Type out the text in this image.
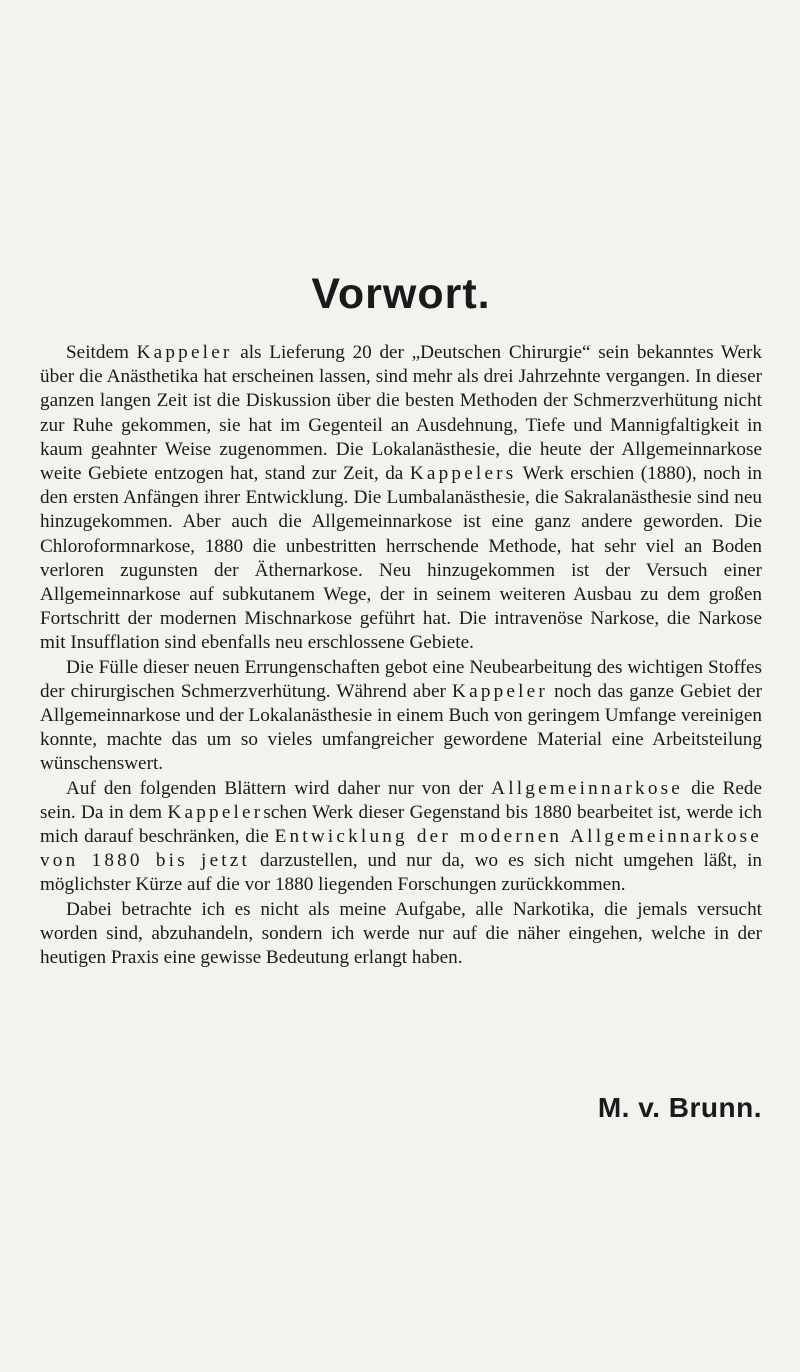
Vorwort.

Seitdem Kappeler als Lieferung 20 der „Deutschen Chirurgie“ sein bekanntes Werk über die Anästhetika hat erscheinen lassen, sind mehr als drei Jahrzehnte vergangen. In dieser ganzen langen Zeit ist die Diskussion über die besten Methoden der Schmerzverhütung nicht zur Ruhe gekommen, sie hat im Gegenteil an Ausdehnung, Tiefe und Mannigfaltigkeit in kaum geahnter Weise zugenommen. Die Lokalanästhesie, die heute der Allgemeinnarkose weite Gebiete entzogen hat, stand zur Zeit, da Kappelers Werk erschien (1880), noch in den ersten Anfängen ihrer Entwicklung. Die Lumbalanästhesie, die Sakralanästhesie sind neu hinzugekommen. Aber auch die Allgemeinnarkose ist eine ganz andere geworden. Die Chloroformnarkose, 1880 die unbestritten herrschende Methode, hat sehr viel an Boden verloren zugunsten der Äthernarkose. Neu hinzugekommen ist der Versuch einer Allgemeinnarkose auf subkutanem Wege, der in seinem weiteren Ausbau zu dem großen Fortschritt der modernen Mischnarkose geführt hat. Die intravenöse Narkose, die Narkose mit Insufflation sind ebenfalls neu erschlossene Gebiete.

Die Fülle dieser neuen Errungenschaften gebot eine Neubearbeitung des wichtigen Stoffes der chirurgischen Schmerzverhütung. Während aber Kappeler noch das ganze Gebiet der Allgemeinnarkose und der Lokalanästhesie in einem Buch von geringem Umfange vereinigen konnte, machte das um so vieles umfangreicher gewordene Material eine Arbeitsteilung wünschenswert.

Auf den folgenden Blättern wird daher nur von der Allgemeinnarkose die Rede sein. Da in dem Kappelerschen Werk dieser Gegenstand bis 1880 bearbeitet ist, werde ich mich darauf beschränken, die Entwicklung der modernen Allgemeinnarkose von 1880 bis jetzt darzustellen, und nur da, wo es sich nicht umgehen läßt, in möglichster Kürze auf die vor 1880 liegenden Forschungen zurückkommen.

Dabei betrachte ich es nicht als meine Aufgabe, alle Narkotika, die jemals versucht worden sind, abzuhandeln, sondern ich werde nur auf die näher eingehen, welche in der heutigen Praxis eine gewisse Bedeutung erlangt haben.

M. v. Brunn.
